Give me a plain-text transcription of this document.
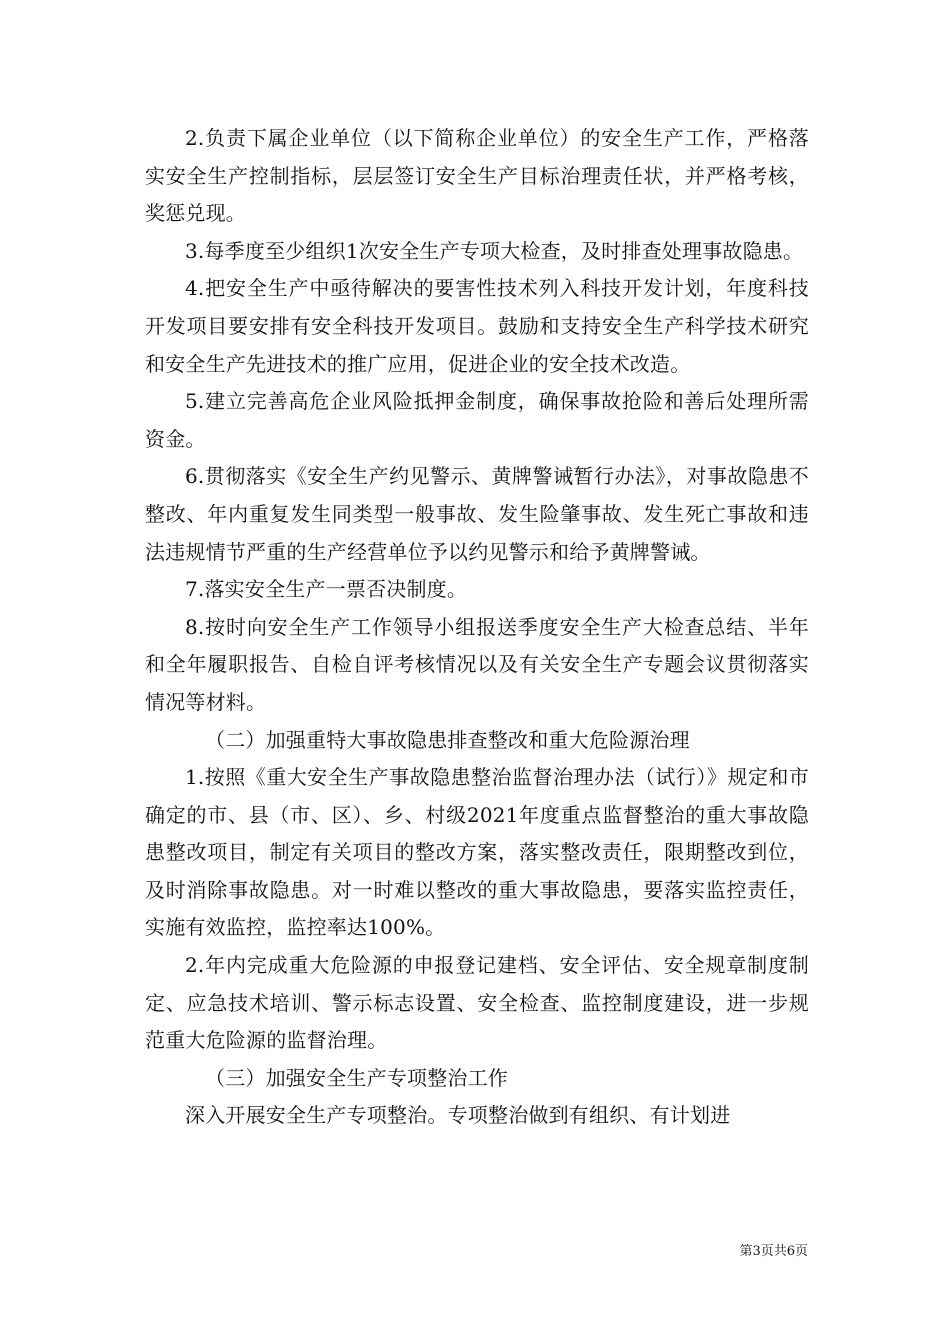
2.负责下属企业单位（以下简称企业单位）的安全生产工作，严格落实安全生产控制指标，层层签订安全生产目标治理责任状，并严格考核，奖惩兑现。

3.每季度至少组织1次安全生产专项大检查，及时排查处理事故隐患。

4.把安全生产中亟待解决的要害性技术列入科技开发计划，年度科技开发项目要安排有安全科技开发项目。鼓励和支持安全生产科学技术研究和安全生产先进技术的推广应用，促进企业的安全技术改造。

5.建立完善高危企业风险抵押金制度，确保事故抢险和善后处理所需资金。

6.贯彻落实《安全生产约见警示、黄牌警诫暂行办法》，对事故隐患不整改、年内重复发生同类型一般事故、发生险肇事故、发生死亡事故和违法违规情节严重的生产经营单位予以约见警示和给予黄牌警诫。

7.落实安全生产一票否决制度。

8.按时向安全生产工作领导小组报送季度安全生产大检查总结、半年和全年履职报告、自检自评考核情况以及有关安全生产专题会议贯彻落实情况等材料。

（二）加强重特大事故隐患排查整改和重大危险源治理

1.按照《重大安全生产事故隐患整治监督治理办法（试行）》规定和市确定的市、县（市、区）、乡、村级2021年度重点监督整治的重大事故隐患整改项目，制定有关项目的整改方案，落实整改责任，限期整改到位，及时消除事故隐患。对一时难以整改的重大事故隐患，要落实监控责任，实施有效监控，监控率达100%。

2.年内完成重大危险源的申报登记建档、安全评估、安全规章制度制定、应急技术培训、警示标志设置、安全检查、监控制度建设，进一步规范重大危险源的监督治理。

（三）加强安全生产专项整治工作

深入开展安全生产专项整治。专项整治做到有组织、有计划进

第3页共6页
